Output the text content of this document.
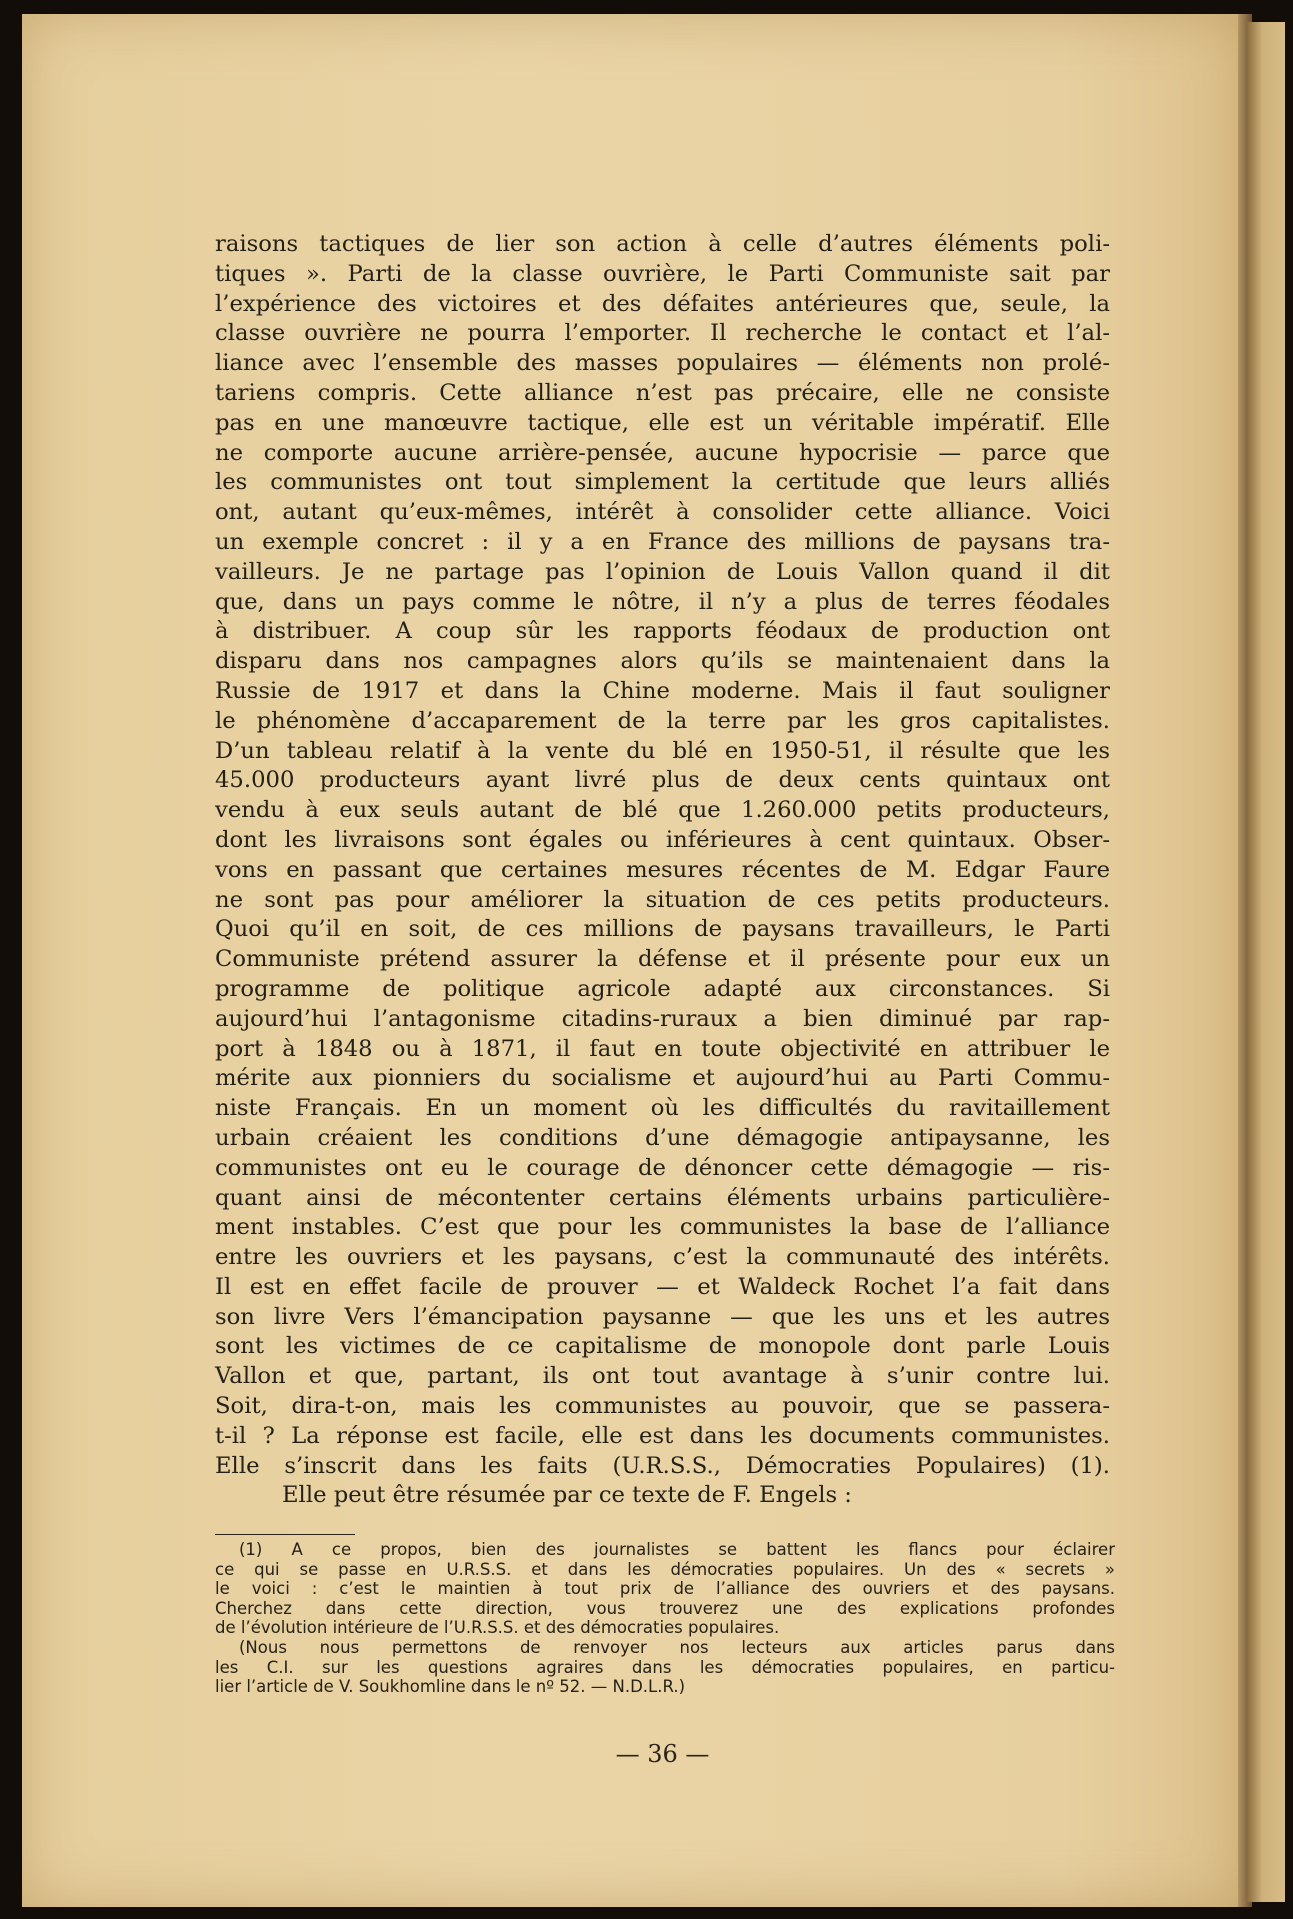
raisons tactiques de lier son action à celle d’autres éléments poli-
tiques ». Parti de la classe ouvrière, le Parti Communiste sait par
l’expérience des victoires et des défaites antérieures que, seule, la
classe ouvrière ne pourra l’emporter. Il recherche le contact et l’al-
liance avec l’ensemble des masses populaires — éléments non prolé-
tariens compris. Cette alliance n’est pas précaire, elle ne consiste
pas en une manœuvre tactique, elle est un véritable impératif. Elle
ne comporte aucune arrière-pensée, aucune hypocrisie — parce que
les communistes ont tout simplement la certitude que leurs alliés
ont, autant qu’eux-mêmes, intérêt à consolider cette alliance. Voici
un exemple concret : il y a en France des millions de paysans tra-
vailleurs. Je ne partage pas l’opinion de Louis Vallon quand il dit
que, dans un pays comme le nôtre, il n’y a plus de terres féodales
à distribuer. A coup sûr les rapports féodaux de production ont
disparu dans nos campagnes alors qu’ils se maintenaient dans la
Russie de 1917 et dans la Chine moderne. Mais il faut souligner
le phénomène d’accaparement de la terre par les gros capitalistes.
D’un tableau relatif à la vente du blé en 1950-51, il résulte que les
45.000 producteurs ayant livré plus de deux cents quintaux ont
vendu à eux seuls autant de blé que 1.260.000 petits producteurs,
dont les livraisons sont égales ou inférieures à cent quintaux. Obser-
vons en passant que certaines mesures récentes de M. Edgar Faure
ne sont pas pour améliorer la situation de ces petits producteurs.
Quoi qu’il en soit, de ces millions de paysans travailleurs, le Parti
Communiste prétend assurer la défense et il présente pour eux un
programme de politique agricole adapté aux circonstances. Si
aujourd’hui l’antagonisme citadins-ruraux a bien diminué par rap-
port à 1848 ou à 1871, il faut en toute objectivité en attribuer le
mérite aux pionniers du socialisme et aujourd’hui au Parti Commu-
niste Français. En un moment où les difficultés du ravitaillement
urbain créaient les conditions d’une démagogie antipaysanne, les
communistes ont eu le courage de dénoncer cette démagogie — ris-
quant ainsi de mécontenter certains éléments urbains particulière-
ment instables. C’est que pour les communistes la base de l’alliance
entre les ouvriers et les paysans, c’est la communauté des intérêts.
Il est en effet facile de prouver — et Waldeck Rochet l’a fait dans
son livre Vers l’émancipation paysanne — que les uns et les autres
sont les victimes de ce capitalisme de monopole dont parle Louis
Vallon et que, partant, ils ont tout avantage à s’unir contre lui.
Soit, dira-t-on, mais les communistes au pouvoir, que se passera-
t-il ? La réponse est facile, elle est dans les documents communistes.
Elle s’inscrit dans les faits (U.R.S.S., Démocraties Populaires) (1).
Elle peut être résumée par ce texte de F. Engels :
(1) A ce propos, bien des journalistes se battent les flancs pour éclairer
ce qui se passe en U.R.S.S. et dans les démocraties populaires. Un des « secrets »
le voici : c’est le maintien à tout prix de l’alliance des ouvriers et des paysans.
Cherchez dans cette direction, vous trouverez une des explications profondes
de l’évolution intérieure de l’U.R.S.S. et des démocraties populaires.
(Nous nous permettons de renvoyer nos lecteurs aux articles parus dans
les C.I. sur les questions agraires dans les démocraties populaires, en particu-
lier l’article de V. Soukhomline dans le nº 52. — N.D.L.R.)
— 36 —
